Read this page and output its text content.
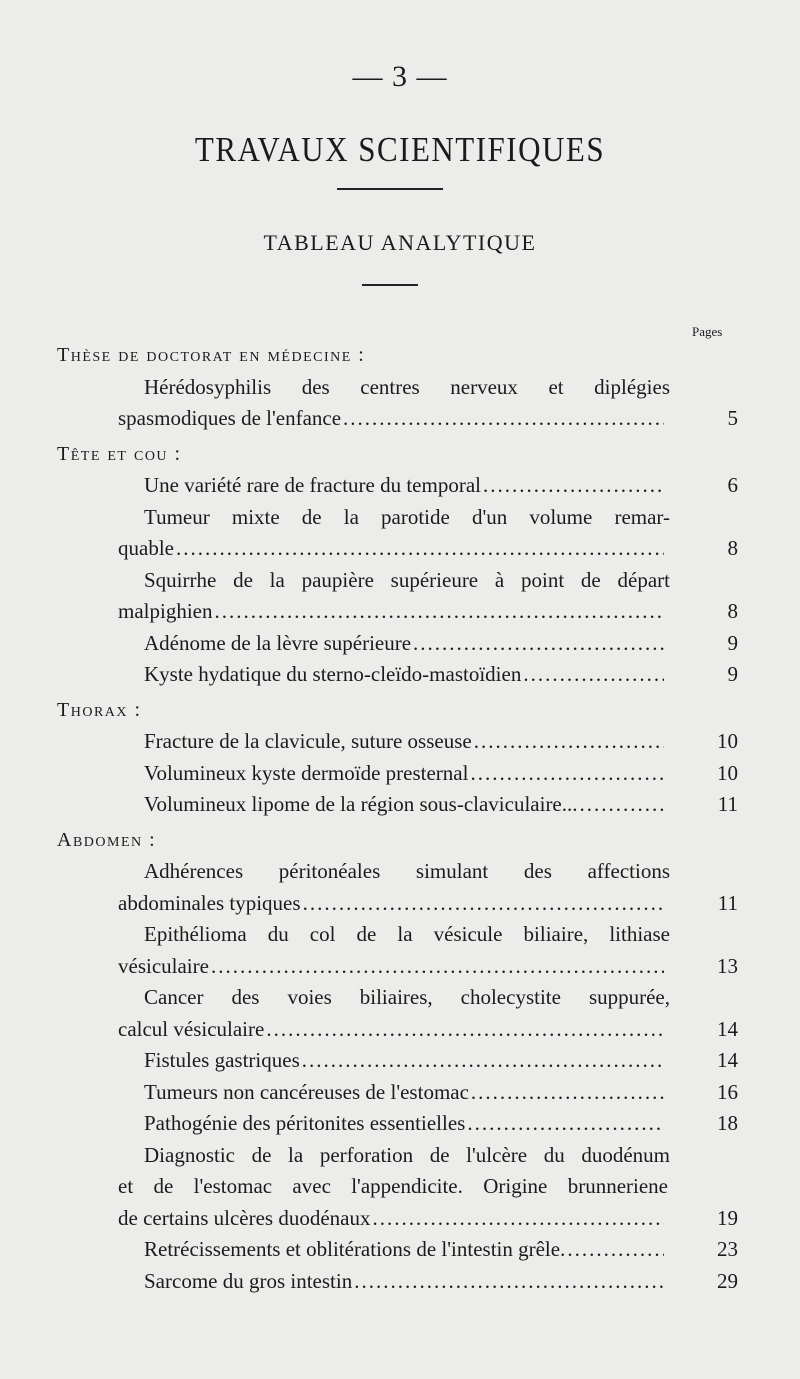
— 3 —
TRAVAUX SCIENTIFIQUES
TABLEAU ANALYTIQUE
Pages
Thèse de doctorat en médecine :
Hérédosyphilis des centres nerveux et diplégies
5
spasmodiques de l'enfance
.....
Tête et cou :
6
Une variété rare de fracture du temporal
.....
Tumeur mixte de la parotide d'un volume remar-
8
quable
.....
Squirrhe de la paupière supérieure à point de départ
8
malpighien
.....
9
Adénome de la lèvre supérieure
.....
9
Kyste hydatique du sterno-cleïdo-mastoïdien
.....
Thorax :
10
Fracture de la clavicule, suture osseuse
.....
10
Volumineux kyste dermoïde presternal
.....
11
Volumineux lipome de la région sous-claviculaire...
.....
Abdomen :
Adhérences péritonéales simulant des affections
11
abdominales typiques
.....
Epithélioma du col de la vésicule biliaire, lithiase
13
vésiculaire
.....
Cancer des voies biliaires, cholecystite suppurée,
14
calcul vésiculaire
.....
14
Fistules gastriques
.....
16
Tumeurs non cancéreuses de l'estomac
.....
18
Pathogénie des péritonites essentielles
.....
Diagnostic de la perforation de l'ulcère du duodénum
et de l'estomac avec l'appendicite. Origine brunneriene
19
de certains ulcères duodénaux
.....
23
Retrécissements et oblitérations de l'intestin grêle.
.....
29
Sarcome du gros intestin
.....
